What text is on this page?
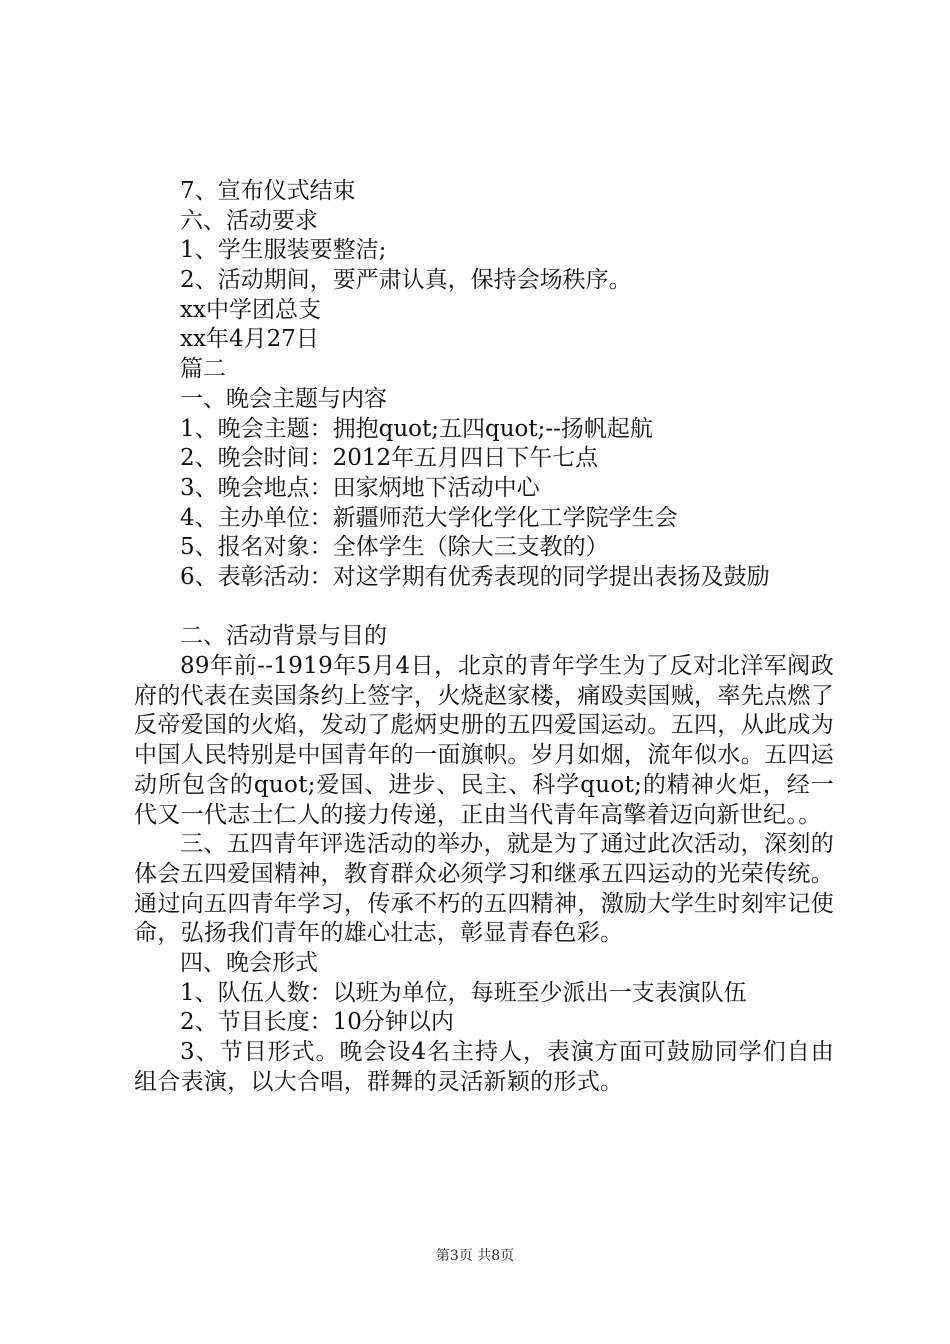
7、宣布仪式结束
六、活动要求
1、学生服装要整洁;
2、活动期间，要严肃认真，保持会场秩序。
xx中学团总支
xx年4月27日
篇二
一、晚会主题与内容
1、晚会主题：拥抱quot;五四quot;--扬帆起航
2、晚会时间：2012年五月四日下午七点
3、晚会地点：田家炳地下活动中心
4、主办单位：新疆师范大学化学化工学院学生会
5、报名对象：全体学生（除大三支教的）
6、表彰活动：对这学期有优秀表现的同学提出表扬及鼓励
二、活动背景与目的
89年前--1919年5月4日，北京的青年学生为了反对北洋军阀政府的代表在卖国条约上签字，火烧赵家楼，痛殴卖国贼，率先点燃了反帝爱国的火焰，发动了彪炳史册的五四爱国运动。五四，从此成为中国人民特别是中国青年的一面旗帜。岁月如烟，流年似水。五四运动所包含的quot;爱国、进步、民主、科学quot;的精神火炬，经一代又一代志士仁人的接力传递，正由当代青年高擎着迈向新世纪。。
三、五四青年评选活动的举办，就是为了通过此次活动，深刻的体会五四爱国精神，教育群众必须学习和继承五四运动的光荣传统。通过向五四青年学习，传承不朽的五四精神，激励大学生时刻牢记使命，弘扬我们青年的雄心壮志，彰显青春色彩。
四、晚会形式
1、队伍人数：以班为单位，每班至少派出一支表演队伍
2、节目长度：10分钟以内
3、节目形式。晚会设4名主持人，表演方面可鼓励同学们自由组合表演，以大合唱，群舞的灵活新颖的形式。
第3页 共8页
